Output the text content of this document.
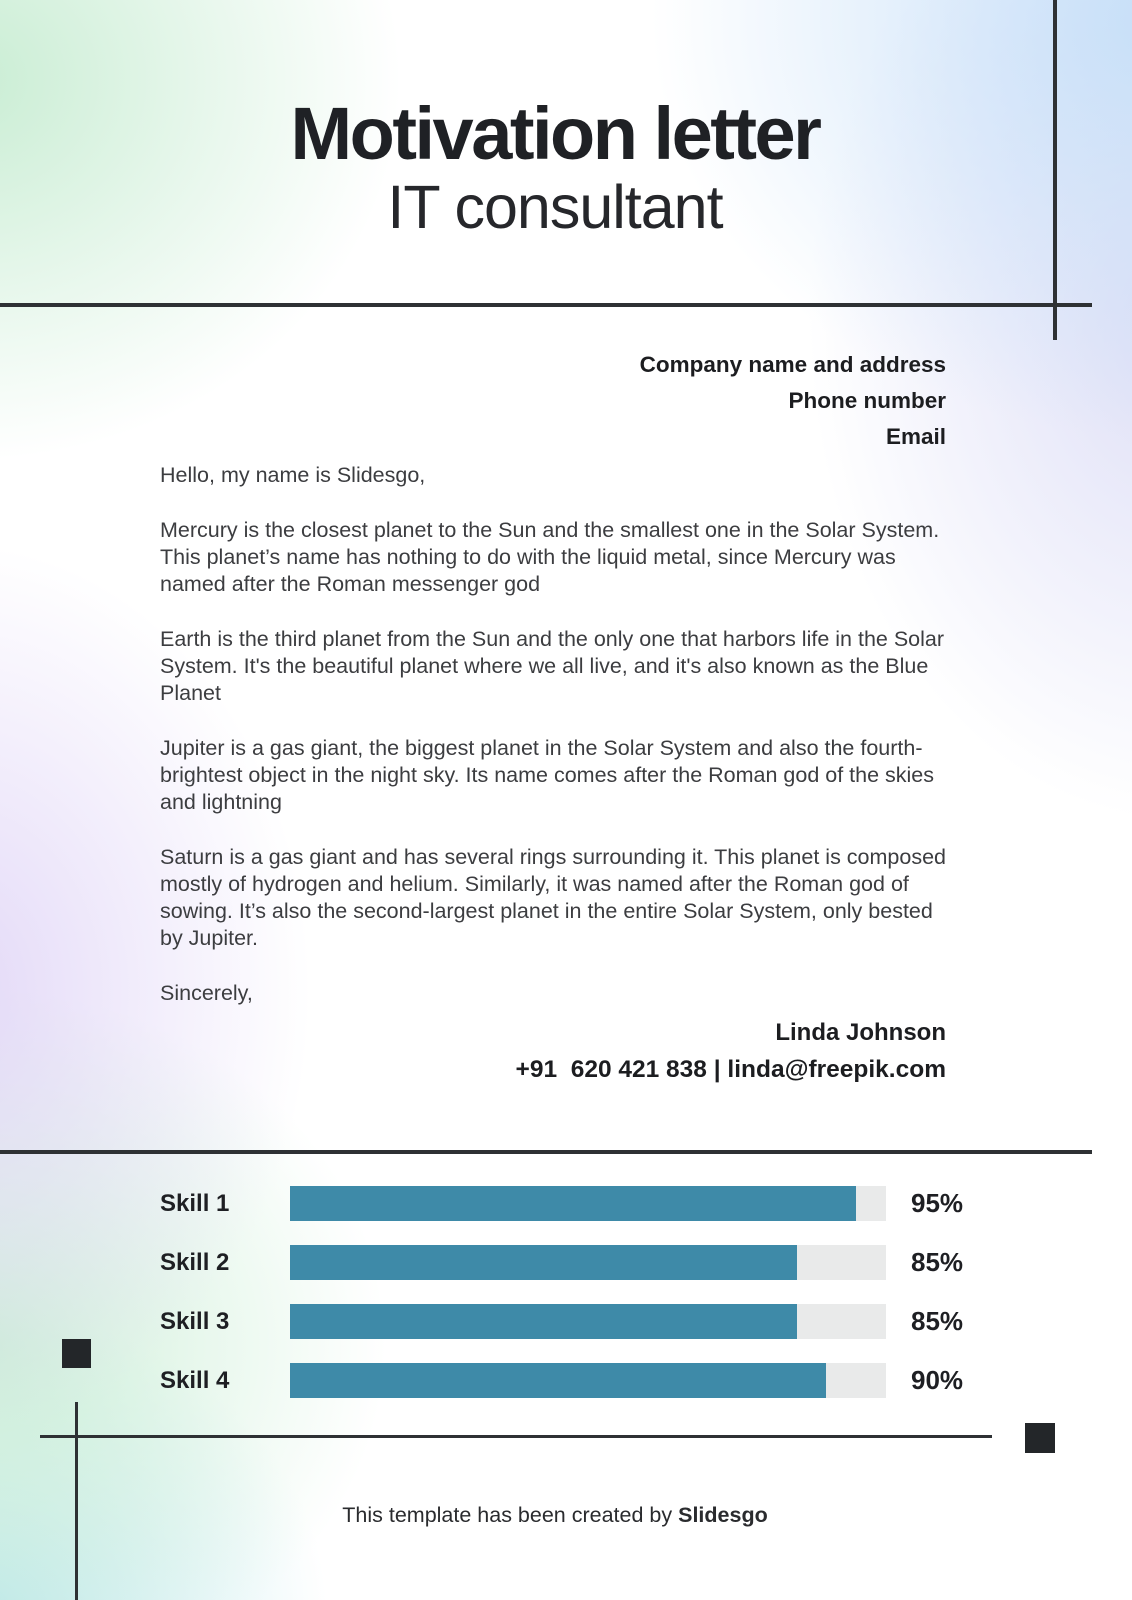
Motivation letter
IT consultant
Company name and address
Phone number
Email

Hello, my name is Slidesgo,

Mercury is the closest planet to the Sun and the smallest one in the Solar System. This planet’s name has nothing to do with the liquid metal, since Mercury was named after the Roman messenger god

Earth is the third planet from the Sun and the only one that harbors life in the Solar System. It's the beautiful planet where we all live, and it's also known as the Blue Planet

Jupiter is a gas giant, the biggest planet in the Solar System and also the fourth-brightest object in the night sky. Its name comes after the Roman god of the skies and lightning

Saturn is a gas giant and has several rings surrounding it. This planet is composed mostly of hydrogen and helium. Similarly, it was named after the Roman god of sowing. It’s also the second-largest planet in the entire Solar System, only bested by Jupiter.

Sincerely,

Linda Johnson
+91  620 421 838 | linda@freepik.com
Skill 1	95%
Skill 2	85%
Skill 3	85%
Skill 4	90%
This template has been created by Slidesgo
